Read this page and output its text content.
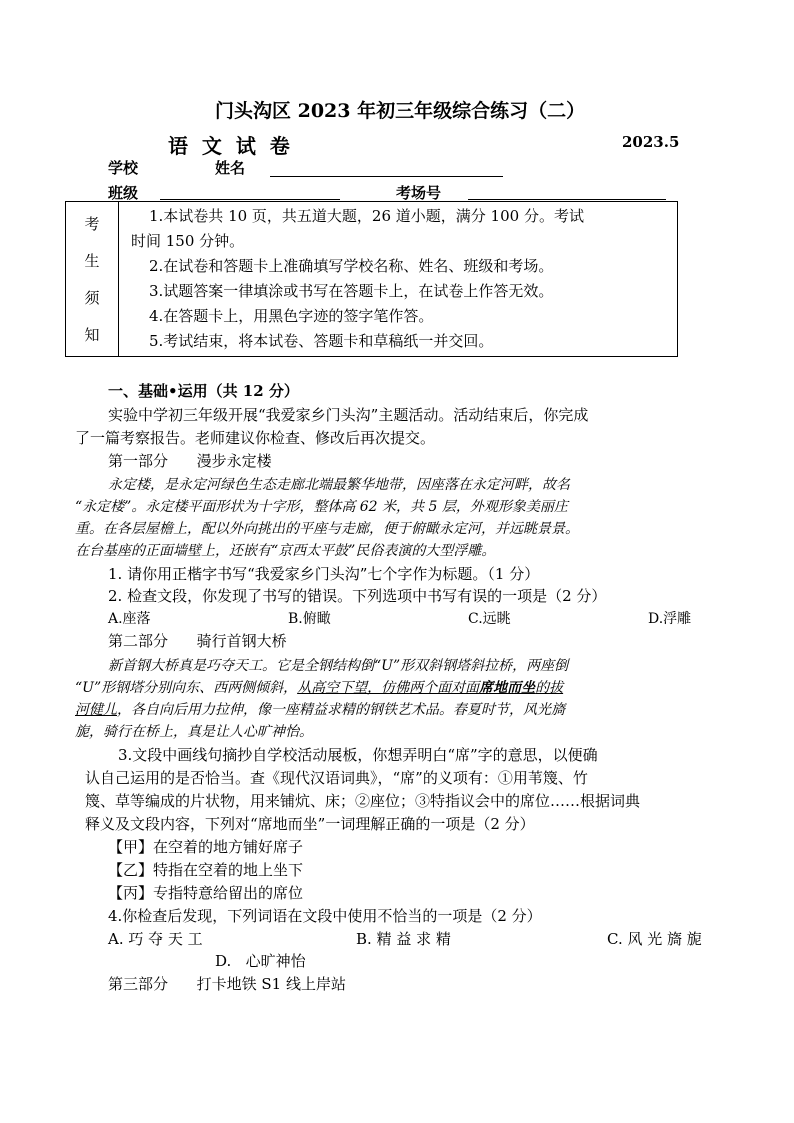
门头沟区 2023 年初三年级综合练习（二）
语  文  试  卷	2023.5
学校	姓名
班级	考场号
考
生
须
知

1.本试卷共 10 页，共五道大题，26 道小题，满分 100 分。考试
时间 150 分钟。
2.在试卷和答题卡上准确填写学校名称、姓名、班级和考场。
3.试题答案一律填涂或书写在答题卡上，在试卷上作答无效。
4.在答题卡上，用黑色字迹的签字笔作答。
5.考试结束，将本试卷、答题卡和草稿纸一并交回。
一、基础•运用（共 12 分）
实验中学初三年级开展“我爱家乡门头沟”主题活动。活动结束后，你完成
了一篇考察报告。老师建议你检查、修改后再次提交。
第一部分      漫步永定楼
永定楼，是永定河绿色生态走廊北端最繁华地带，因座落在永定河畔，故名
“永定楼”。永定楼平面形状为十字形，整体高 62 米，共 5 层，外观形象美丽庄
重。在各层屋檐上，配以外向挑出的平座与走廊，便于俯瞰永定河，并远眺景景。
在台基座的正面墙壁上，还嵌有“京西太平鼓”民俗表演的大型浮雕。
1. 请你用正楷字书写“我爱家乡门头沟”七个字作为标题。（1 分）
2. 检查文段，你发现了书写的错误。下列选项中书写有误的一项是（2 分）
A.座落	B.俯瞰	C.远眺	D.浮雕
第二部分      骑行首钢大桥
新首钢大桥真是巧夺天工。它是全钢结构倒“U”形双斜钢塔斜拉桥，两座倒
“U”形钢塔分别向东、西两侧倾斜，从高空下望，仿佛两个面对面席地而坐的拔
河健儿，各自向后用力拉伸，像一座精益求精的钢铁艺术品。春夏时节，风光旖
旎，骑行在桥上，真是让人心旷神怡。
3.文段中画线句摘抄自学校活动展板，你想弄明白“席”字的意思，以便确
认自己运用的是否恰当。查《现代汉语词典》，“席”的义项有：①用苇篾、竹
篾、草等编成的片状物，用来铺炕、床；②座位；③特指议会中的席位……根据词典
释义及文段内容，下列对“席地而坐”一词理解正确的一项是（2 分）
【甲】在空着的地方铺好席子
【乙】特指在空着的地上坐下
【丙】专指特意给留出的席位
4.你检查后发现，下列词语在文段中使用不恰当的一项是（2 分）
A. 巧 夺 天 工	B. 精 益 求 精	C. 风 光 旖 旎
D.   心旷神怡
第三部分      打卡地铁 S1 线上岸站
